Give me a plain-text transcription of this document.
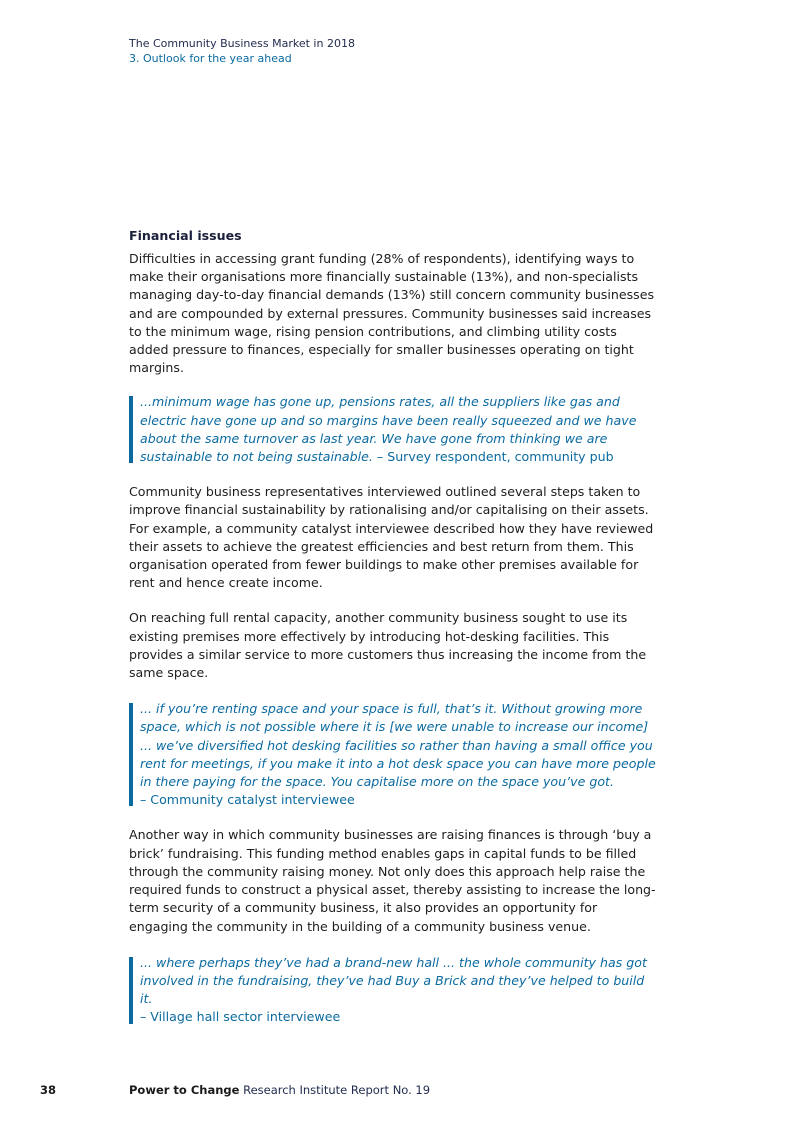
The Community Business Market in 2018
3. Outlook for the year ahead
Financial issues

Difficulties in accessing grant funding (28% of respondents), identifying ways to make their organisations more financially sustainable (13%), and non-specialists managing day-to-day financial demands (13%) still concern community businesses and are compounded by external pressures. Community businesses said increases to the minimum wage, rising pension contributions, and climbing utility costs added pressure to finances, especially for smaller businesses operating on tight margins.

...minimum wage has gone up, pensions rates, all the suppliers like gas and electric have gone up and so margins have been really squeezed and we have about the same turnover as last year. We have gone from thinking we are sustainable to not being sustainable. – Survey respondent, community pub

Community business representatives interviewed outlined several steps taken to improve financial sustainability by rationalising and/or capitalising on their assets. For example, a community catalyst interviewee described how they have reviewed their assets to achieve the greatest efficiencies and best return from them. This organisation operated from fewer buildings to make other premises available for rent and hence create income.

On reaching full rental capacity, another community business sought to use its existing premises more effectively by introducing hot-desking facilities. This provides a similar service to more customers thus increasing the income from the same space.

... if you’re renting space and your space is full, that’s it. Without growing more space, which is not possible where it is [we were unable to increase our income] ... we’ve diversified hot desking facilities so rather than having a small office you rent for meetings, if you make it into a hot desk space you can have more people in there paying for the space. You capitalise more on the space you’ve got.
– Community catalyst interviewee

Another way in which community businesses are raising finances is through ‘buy a brick’ fundraising. This funding method enables gaps in capital funds to be filled through the community raising money. Not only does this approach help raise the required funds to construct a physical asset, thereby assisting to increase the long-term security of a community business, it also provides an opportunity for engaging the community in the building of a community business venue.

... where perhaps they’ve had a brand-new hall ... the whole community has got involved in the fundraising, they’ve had Buy a Brick and they’ve helped to build it.
– Village hall sector interviewee
38	Power to Change Research Institute Report No. 19
